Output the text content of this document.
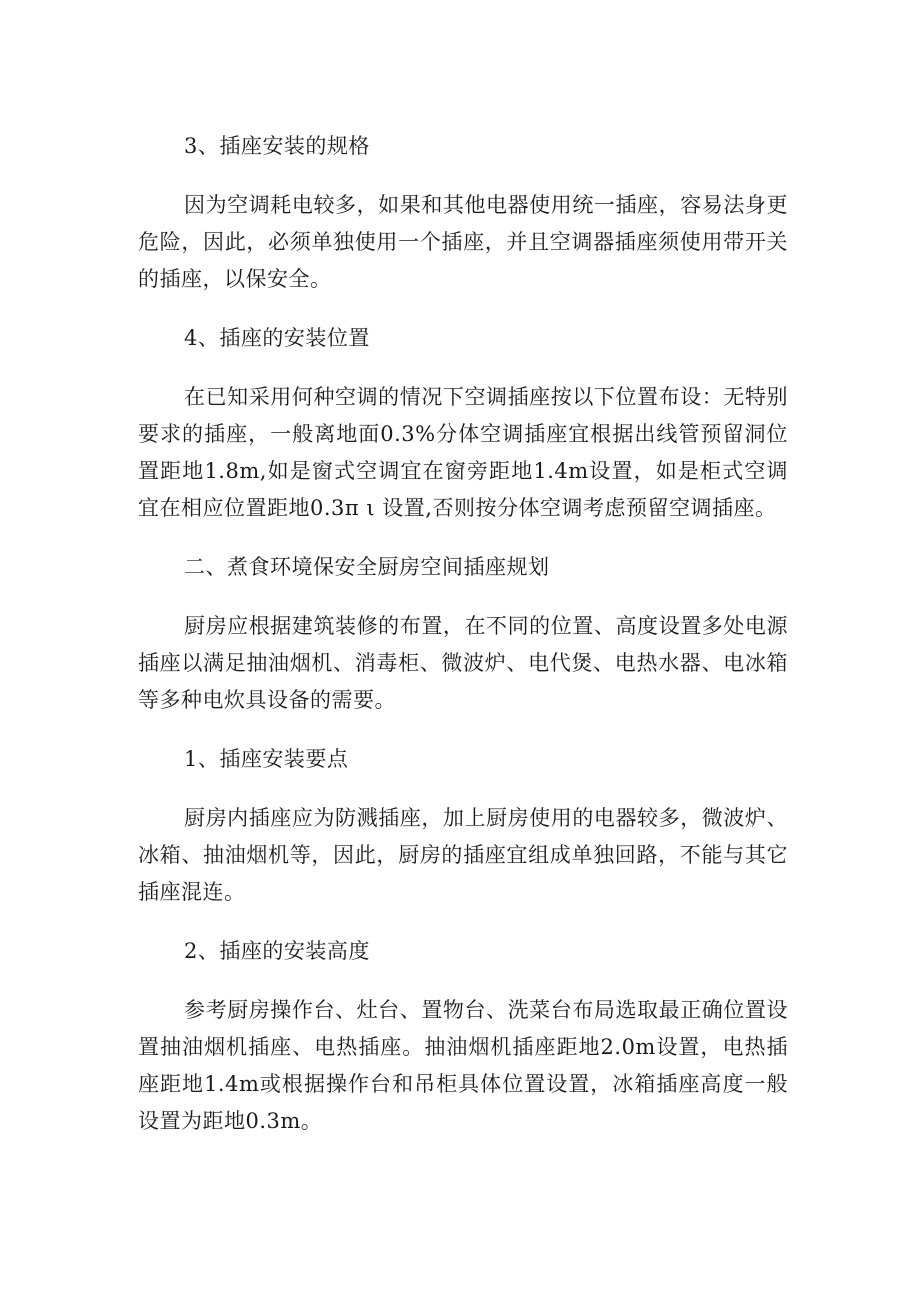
3、插座安装的规格
因为空调耗电较多，如果和其他电器使用统一插座，容易法身更危险，因此，必须单独使用一个插座，并且空调器插座须使用带开关的插座，以保安全。
4、插座的安装位置
在已知采用何种空调的情况下空调插座按以下位置布设：无特别要求的插座，一般离地面0.3%分体空调插座宜根据出线管预留洞位置距地1.8m,如是窗式空调宜在窗旁距地1.4m设置，如是柜式空调宜在相应位置距地0.3π ι 设置,否则按分体空调考虑预留空调插座。
二、煮食环境保安全厨房空间插座规划
厨房应根据建筑装修的布置，在不同的位置、高度设置多处电源插座以满足抽油烟机、消毒柜、微波炉、电代煲、电热水器、电冰箱等多种电炊具设备的需要。
1、插座安装要点
厨房内插座应为防溅插座，加上厨房使用的电器较多，微波炉、冰箱、抽油烟机等，因此，厨房的插座宜组成单独回路，不能与其它插座混连。
2、插座的安装高度
参考厨房操作台、灶台、置物台、洗菜台布局选取最正确位置设置抽油烟机插座、电热插座。抽油烟机插座距地2.0m设置，电热插座距地1.4m或根据操作台和吊柜具体位置设置，冰箱插座高度一般设置为距地0.3m。
